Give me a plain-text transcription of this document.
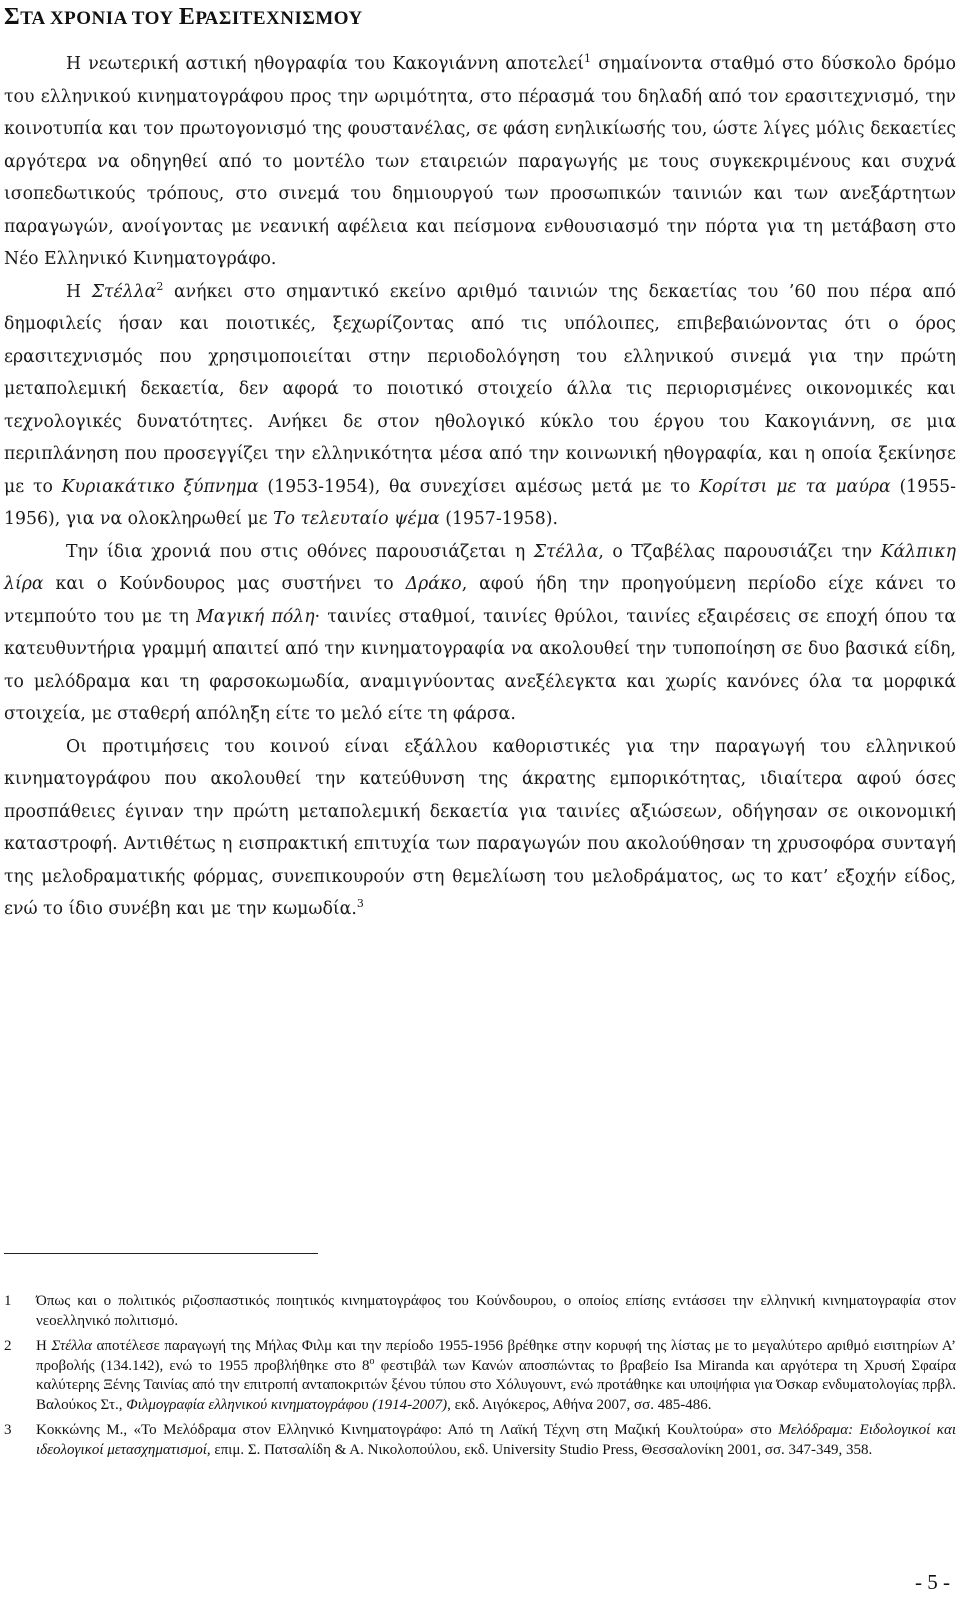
ΣΤΑ ΧΡΟΝΙΑ ΤΟΥ ΕΡΑΣΙΤΕΧΝΙΣΜΟΥ

Η νεωτερική αστική ηθογραφία του Κακογιάννη αποτελεί$^1$ σημαίνοντα σταθμό στο δύσκολο δρόμο του ελληνικού κινηματογράφου προς την ωριμότητα, στο πέρασμά του δηλαδή από τον ερασιτεχνισμό, την κοινοτυπία και τον πρωτογονισμό της φουστανέλας, σε φάση ενηλικίωσής του, ώστε λίγες μόλις δεκαετίες αργότερα να οδηγηθεί από το μοντέλο των εταιρειών παραγωγής με τους συγκεκριμένους και συχνά ισοπεδωτικούς τρόπους, στο σινεμά του δημιουργού των προσωπικών ταινιών και των ανεξάρτητων παραγωγών, ανοίγοντας με νεανική αφέλεια και πείσμονα ενθουσιασμό την πόρτα για τη μετάβαση στο Νέο Ελληνικό Κινηματογράφο.

Η Στέλλα$^2$ ανήκει στο σημαντικό εκείνο αριθμό ταινιών της δεκαετίας του ’60 που πέρα από δημοφιλείς ήσαν και ποιοτικές, ξεχωρίζοντας από τις υπόλοιπες, επιβεβαιώνοντας ότι ο όρος ερασιτεχνισμός που χρησιμοποιείται στην περιοδολόγηση του ελληνικού σινεμά για την πρώτη μεταπολεμική δεκαετία, δεν αφορά το ποιοτικό στοιχείο άλλα τις περιορισμένες οικονομικές και τεχνολογικές δυνατότητες. Ανήκει δε στον ηθολογικό κύκλο του έργου του Κακογιάννη, σε μια περιπλάνηση που προσεγγίζει την ελληνικότητα μέσα από την κοινωνική ηθογραφία, και η οποία ξεκίνησε με το Κυριακάτικο ξύπνημα (1953-1954), θα συνεχίσει αμέσως μετά με το Κορίτσι με τα μαύρα (1955-1956), για να ολοκληρωθεί με Το τελευταίο ψέμα (1957-1958).

Την ίδια χρονιά που στις οθόνες παρουσιάζεται η Στέλλα, ο Τζαβέλας παρουσιάζει την Κάλπικη λίρα και ο Κούνδουρος μας συστήνει το Δράκο, αφού ήδη την προηγούμενη περίοδο είχε κάνει το ντεμπούτο του με τη Μαγική πόλη· ταινίες σταθμοί, ταινίες θρύλοι, ταινίες εξαιρέσεις σε εποχή όπου τα κατευθυντήρια γραμμή απαιτεί από την κινηματογραφία να ακολουθεί την τυποποίηση σε δυο βασικά είδη, το μελόδραμα και τη φαρσοκωμωδία, αναμιγνύοντας ανεξέλεγκτα και χωρίς κανόνες όλα τα μορφικά στοιχεία, με σταθερή απόληξη είτε το μελό είτε τη φάρσα.

Οι προτιμήσεις του κοινού είναι εξάλλου καθοριστικές για την παραγωγή του ελληνικού κινηματογράφου που ακολουθεί την κατεύθυνση της άκρατης εμπορικότητας, ιδιαίτερα αφού όσες προσπάθειες έγιναν την πρώτη μεταπολεμική δεκαετία για ταινίες αξιώσεων, οδήγησαν σε οικονομική καταστροφή. Αντιθέτως η εισπρακτική επιτυχία των παραγωγών που ακολούθησαν τη χρυσοφόρα συνταγή της μελοδραματικής φόρμας, συνεπικουρούν στη θεμελίωση του μελοδράματος, ως το κατ’ εξοχήν είδος, ενώ το ίδιο συνέβη και με την κωμωδία.$^3$

1 Όπως και ο πολιτικός ριζοσπαστικός ποιητικός κινηματογράφος του Κούνδουρου, ο οποίος επίσης εντάσσει την ελληνική κινηματογραφία στον νεοελληνικό πολιτισμό.
2 Η Στέλλα αποτέλεσε παραγωγή της Μήλας Φιλμ και την περίοδο 1955-1956 βρέθηκε στην κορυφή της λίστας με το μεγαλύτερο αριθμό εισιτηρίων Α’ προβολής (134.142), ενώ το 1955 προβλήθηκε στο $8^o$ φεστιβάλ των Κανών αποσπώντας το βραβείο Isa Miranda και αργότερα τη Χρυσή Σφαίρα καλύτερης Ξένης Ταινίας από την επιτροπή ανταποκριτών ξένου τύπου στο Χόλυγουντ, ενώ προτάθηκε και υποψήφια για Όσκαρ ενδυματολογίας πρβλ. Βαλούκος Στ., Φιλμογραφία ελληνικού κινηματογράφου (1914-2007), εκδ. Αιγόκερος, Αθήνα 2007, σσ. 485-486.
3 Κοκκώνης Μ., «Το Μελόδραμα στον Ελληνικό Κινηματογράφο: Από τη Λαϊκή Τέχνη στη Μαζική Κουλτούρα» στο Μελόδραμα: Ειδολογικοί και ιδεολογικοί μετασχηματισμοί, επιμ. Σ. Πατσαλίδη & Α. Νικολοπούλου, εκδ. University Studio Press, Θεσσαλονίκη 2001, σσ. 347-349, 358.
- 5 -
